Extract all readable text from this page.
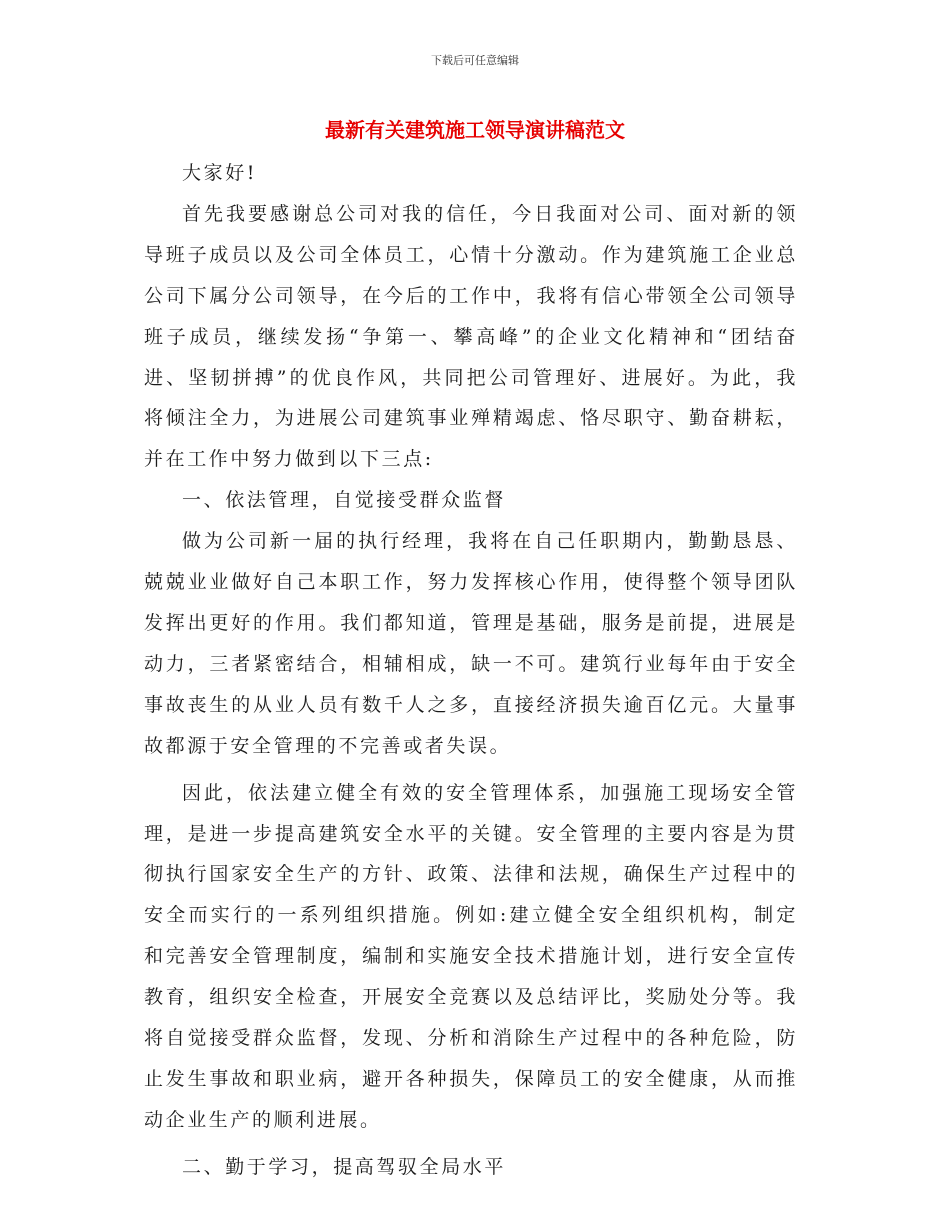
下载后可任意编辑
最新有关建筑施工领导演讲稿范文

大家好!

首先我要感谢总公司对我的信任，今日我面对公司、面对新的领导班子成员以及公司全体员工，心情十分激动。作为建筑施工企业总公司下属分公司领导，在今后的工作中，我将有信心带领全公司领导班子成员，继续发扬“争第一、攀高峰”的企业文化精神和“团结奋进、坚韧拼搏”的优良作风，共同把公司管理好、进展好。为此，我将倾注全力，为进展公司建筑事业殚精竭虑、恪尽职守、勤奋耕耘，并在工作中努力做到以下三点:

一、依法管理，自觉接受群众监督

做为公司新一届的执行经理，我将在自己任职期内，勤勤恳恳、兢兢业业做好自己本职工作，努力发挥核心作用，使得整个领导团队发挥出更好的作用。我们都知道，管理是基础，服务是前提，进展是动力，三者紧密结合，相辅相成，缺一不可。建筑行业每年由于安全事故丧生的从业人员有数千人之多，直接经济损失逾百亿元。大量事故都源于安全管理的不完善或者失误。

因此，依法建立健全有效的安全管理体系，加强施工现场安全管理，是进一步提高建筑安全水平的关键。安全管理的主要内容是为贯彻执行国家安全生产的方针、政策、法律和法规，确保生产过程中的安全而实行的一系列组织措施。例如:建立健全安全组织机构，制定和完善安全管理制度，编制和实施安全技术措施计划，进行安全宣传教育，组织安全检查，开展安全竞赛以及总结评比，奖励处分等。我将自觉接受群众监督，发现、分析和消除生产过程中的各种危险，防止发生事故和职业病，避开各种损失，保障员工的安全健康，从而推动企业生产的顺利进展。

二、勤于学习，提高驾驭全局水平
